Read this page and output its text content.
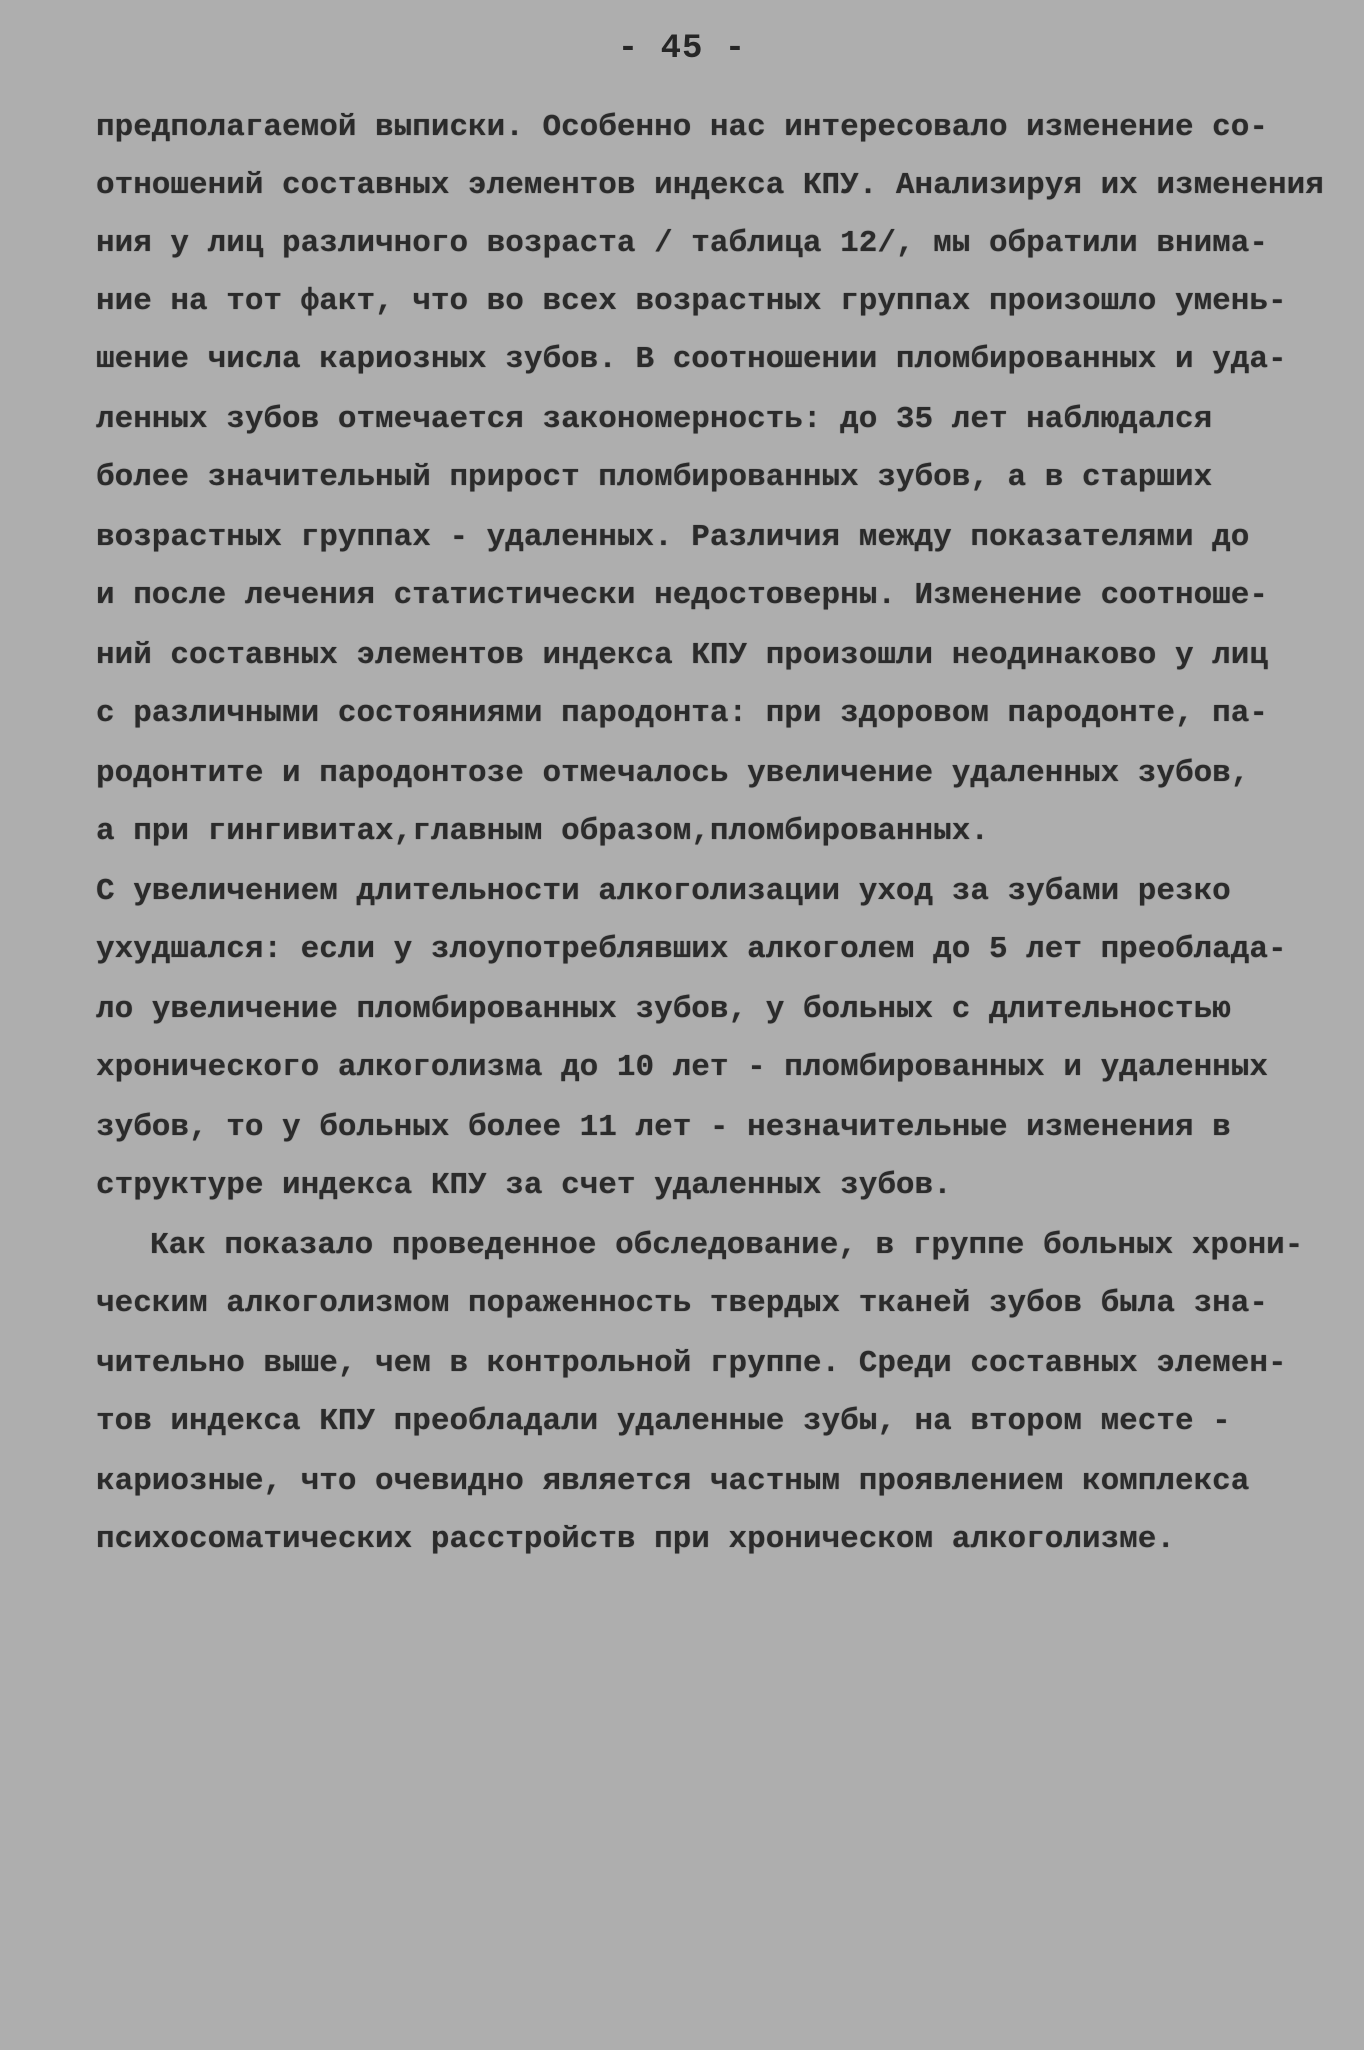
- 45 -

предполагаемой выписки. Особенно нас интересовало изменение со-

отношений составных элементов индекса КПУ. Анализируя их изменения

ния у лиц различного возраста / таблица 12/, мы обратили внима-

ние на тот факт, что во всех возрастных группах произошло умень-

шение числа кариозных зубов. В соотношении пломбированных и уда-

ленных зубов отмечается закономерность: до 35 лет наблюдался

более значительный прирост пломбированных зубов, а в старших

возрастных группах - удаленных. Различия между показателями до

и после лечения статистически недостоверны. Изменение соотноше-

ний составных элементов индекса КПУ произошли неодинаково у лиц

с различными состояниями пародонта: при здоровом пародонте, па-

родонтите и пародонтозе отмечалось увеличение удаленных зубов,

а при гингивитах,главным образом,пломбированных.

С увеличением длительности алкоголизации уход за зубами резко

ухудшался: если у злоупотреблявших алкоголем до 5 лет преоблада-

ло увеличение пломбированных зубов, у больных с длительностью

хронического алкоголизма до 10 лет - пломбированных и удаленных

зубов, то у больных более 11 лет - незначительные изменения в

структуре индекса КПУ за счет удаленных зубов.

Как показало проведенное обследование, в группе больных хрони-

ческим алкоголизмом пораженность твердых тканей зубов была зна-

чительно выше, чем в контрольной группе. Среди составных элемен-

тов индекса КПУ преобладали удаленные зубы, на втором месте -

кариозные, что очевидно является частным проявлением комплекса

психосоматических расстройств при хроническом алкоголизме.
